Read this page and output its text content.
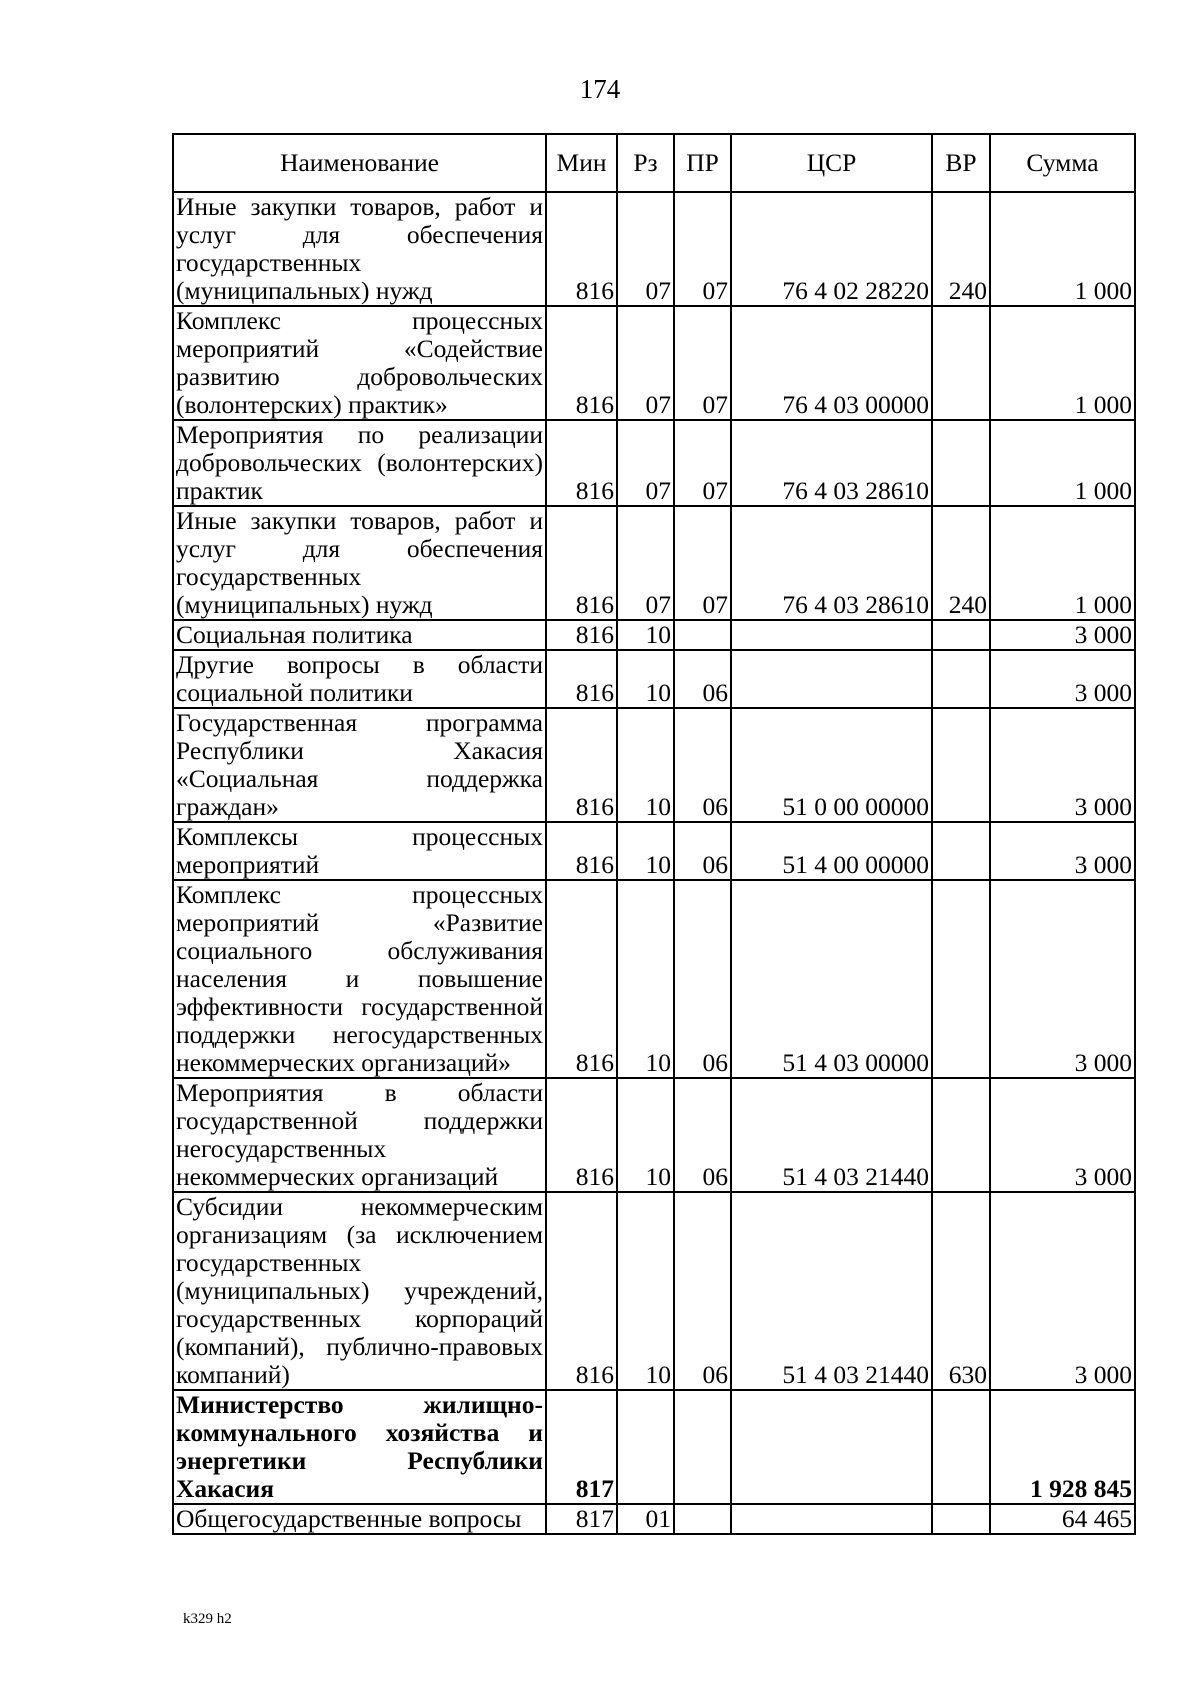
174
Наименование	Мин	Рз	ПР	ЦСР	ВР	Сумма
Иные закупки товаров, работ и услуг для обеспечения государственных (муниципальных) нужд	816	07	07	76 4 02 28220	240	1 000
Комплекс процессных мероприятий «Содействие развитию добровольческих (волонтерских) практик»	816	07	07	76 4 03 00000		1 000
Мероприятия по реализации добровольческих (волонтерских) практик	816	07	07	76 4 03 28610		1 000
Иные закупки товаров, работ и услуг для обеспечения государственных (муниципальных) нужд	816	07	07	76 4 03 28610	240	1 000
Социальная политика	816	10				3 000
Другие вопросы в области социальной политики	816	10	06			3 000
Государственная программа Республики Хакасия «Социальная поддержка граждан»	816	10	06	51 0 00 00000		3 000
Комплексы процессных мероприятий	816	10	06	51 4 00 00000		3 000
Комплекс процессных мероприятий «Развитие социального обслуживания населения и повышение эффективности государственной поддержки негосударственных некоммерческих организаций»	816	10	06	51 4 03 00000		3 000
Мероприятия в области государственной поддержки негосударственных некоммерческих организаций	816	10	06	51 4 03 21440		3 000
Субсидии некоммерческим организациям (за исключением государственных (муниципальных) учреждений, государственных корпораций (компаний), публично-правовых компаний)	816	10	06	51 4 03 21440	630	3 000
Министерство жилищно-коммунального хозяйства и энергетики Республики Хакасия	817					1 928 845
Общегосударственные вопросы	817	01				64 465
k329 h2
